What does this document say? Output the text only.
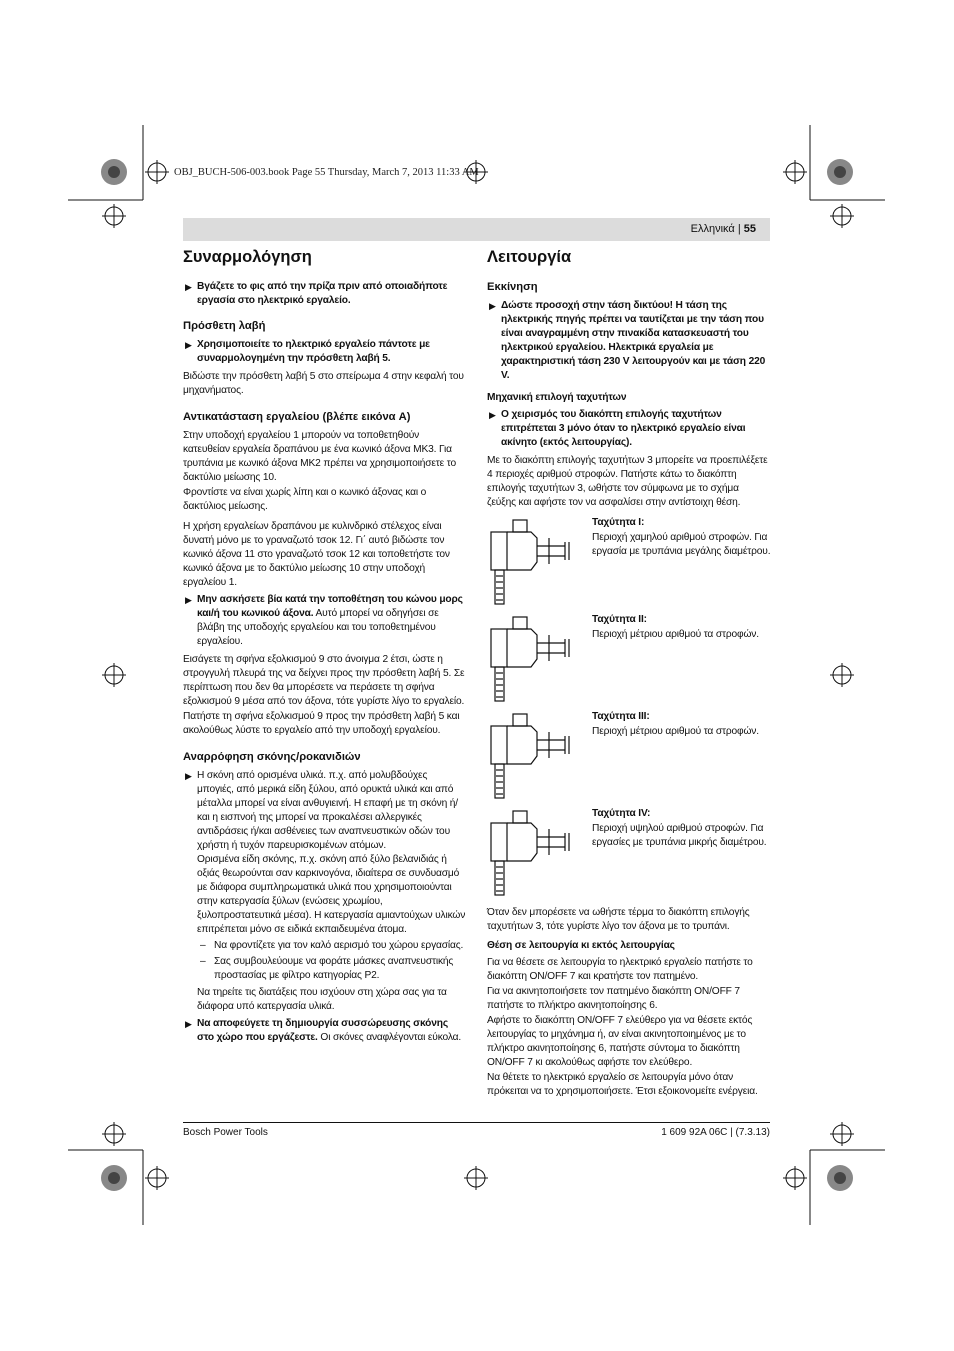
OBJ_BUCH-506-003.book Page 55 Thursday, March 7, 2013 11:33 AM
Ελληνικά | 55

Συναρμολόγηση

▶ Βγάζετε το φις από την πρίζα πριν από οποιαδήποτε εργασία στο ηλεκτρικό εργαλείο.

Πρόσθετη λαβή

▶ Χρησιμοποιείτε το ηλεκτρικό εργαλείο πάντοτε με συναρμολογημένη την πρόσθετη λαβή 5.

Βιδώστε την πρόσθετη λαβή 5 στο σπείρωμα 4 στην κεφαλή του μηχανήματος.

Αντικατάσταση εργαλείου (βλέπε εικόνα A)

Στην υποδοχή εργαλείου 1 μπορούν να τοποθετηθούν κατευθείαν εργαλεία δραπάνου με ένα κωνικό άξονα MK3. Για τρυπάνια με κωνικό άξονα MK2 πρέπει να χρησιμοποιήσετε το δακτύλιο μείωσης 10.

Φροντίστε να είναι χωρίς λίπη και ο κωνικό άξονας και ο δακτύλιος μείωσης.

Η χρήση εργαλείων δραπάνου με κυλινδρικό στέλεχος είναι δυνατή μόνο με το γραναζωτό τσοκ 12. Γι΄ αυτό βιδώστε τον κωνικό άξονα 11 στο γραναζωτό τσοκ 12 και τοποθετήστε τον κωνικό άξονα με το δακτύλιο μείωσης 10 στην υποδοχή εργαλείου 1.

▶ Μην ασκήσετε βία κατά την τοποθέτηση του κώνου μορς και/ή του κωνικού άξονα. Αυτό μπορεί να οδηγήσει σε βλάβη της υποδοχής εργαλείου και του τοποθετημένου εργαλείου.

Εισάγετε τη σφήνα εξολκισμού 9 στο άνοιγμα 2 έτσι, ώστε η στρογγυλή πλευρά της να δείχνει προς την πρόσθετη λαβή 5. Σε περίπτωση που δεν θα μπορέσετε να περάσετε τη σφήνα εξολκισμού 9 μέσα από τον άξονα, τότε γυρίστε λίγο το εργαλείο.

Πατήστε τη σφήνα εξολκισμού 9 προς την πρόσθετη λαβή 5 και ακολούθως λύστε το εργαλείο από την υποδοχή εργαλείου.

Αναρρόφηση σκόνης/ροκανιδιών

▶ Η σκόνη από ορισμένα υλικά. π.χ. από μολυβδούχες μπογιές, από μερικά είδη ξύλου, από ορυκτά υλικά και από μέταλλα μπορεί να είναι ανθυγιεινή. Η επαφή με τη σκόνη ή/και η εισπνοή της μπορεί να προκαλέσει αλλεργικές αντιδράσεις ή/και ασθένειες των αναπνευστικών οδών του χρήστη ή τυχόν παρευρισκομένων ατόμων.

Ορισμένα είδη σκόνης, π.χ. σκόνη από ξύλο βελανιδιάς ή οξιάς θεωρούνται σαν καρκινογόνα, ιδιαίτερα σε συνδυασμό με διάφορα συμπληρωματικά υλικά που χρησιμοποιούνται στην κατεργασία ξύλων (ενώσεις χρωμίου, ξυλοπροστατευτικά μέσα). Η κατεργασία αμιαντούχων υλικών επιτρέπεται μόνο σε ειδικά εκπαιδευμένα άτομα.

– Να φροντίζετε για τον καλό αερισμό του χώρου εργασίας.

– Σας συμβουλεύουμε να φοράτε μάσκες αναπνευστικής προστασίας με φίλτρο κατηγορίας P2.

Να τηρείτε τις διατάξεις που ισχύουν στη χώρα σας για τα διάφορα υπό κατεργασία υλικά.

▶ Να αποφεύγετε τη δημιουργία συσσώρευσης σκόνης στο χώρο που εργάζεστε. Οι σκόνες αναφλέγονται εύκολα.

Λειτουργία

Εκκίνηση

▶ Δώστε προσοχή στην τάση δικτύου! Η τάση της ηλεκτρικής πηγής πρέπει να ταυτίζεται με την τάση που είναι αναγραμμένη στην πινακίδα κατασκευαστή του ηλεκτρικού εργαλείου. Ηλεκτρικά εργαλεία με χαρακτηριστική τάση 230 V λειτουργούν και με τάση 220 V.

Μηχανική επιλογή ταχυτήτων

▶ Ο χειρισμός του διακόπτη επιλογής ταχυτήτων επιτρέπεται 3 μόνο όταν το ηλεκτρικό εργαλείο είναι ακίνητο (εκτός λειτουργίας).

Με το διακόπτη επιλογής ταχυτήτων 3 μπορείτε να προεπιλέξετε 4 περιοχές αριθμού στροφών. Πατήστε κάτω το διακόπτη επιλογής ταχυτήτων 3, ωθήστε τον σύμφωνα με το σχήμα ζεύξης και αφήστε τον να ασφαλίσει στην αντίστοιχη θέση.

Ταχύτητα I:

Περιοχή χαμηλού αριθμού στροφών. Για εργασία με τρυπάνια μεγάλης διαμέτρου.

Ταχύτητα II:

Περιοχή μέτριου αριθμού τα στροφών.

Ταχύτητα III:

Περιοχή μέτριου αριθμού τα στροφών.

Ταχύτητα IV:

Περιοχή υψηλού αριθμού στροφών. Για εργασίες με τρυπάνια μικρής διαμέτρου.

Όταν δεν μπορέσετε να ωθήστε τέρμα το διακόπτη επιλογής ταχυτήτων 3, τότε γυρίστε λίγο τον άξονα με το τρυπάνι.

Θέση σε λειτουργία κι εκτός λειτουργίας

Για να θέσετε σε λειτουργία το ηλεκτρικό εργαλείο πατήστε το διακόπτη ON/OFF 7 και κρατήστε τον πατημένο.

Για να ακινητοποιήσετε τον πατημένο διακόπτη ON/OFF 7 πατήστε το πλήκτρο ακινητοποίησης 6.

Αφήστε το διακόπτη ON/OFF 7 ελεύθερο για να θέσετε εκτός λειτουργίας το μηχάνημα ή, αν είναι ακινητοποιημένος με το πλήκτρο ακινητοποίησης 6, πατήστε σύντομα το διακόπτη ON/OFF 7 κι ακολούθως αφήστε τον ελεύθερο.

Να θέτετε το ηλεκτρικό εργαλείο σε λειτουργία μόνο όταν πρόκειται να το χρησιμοποιήσετε. Έτσι εξοικονομείτε ενέργεια.

Bosch Power Tools	1 609 92A 06C | (7.3.13)
